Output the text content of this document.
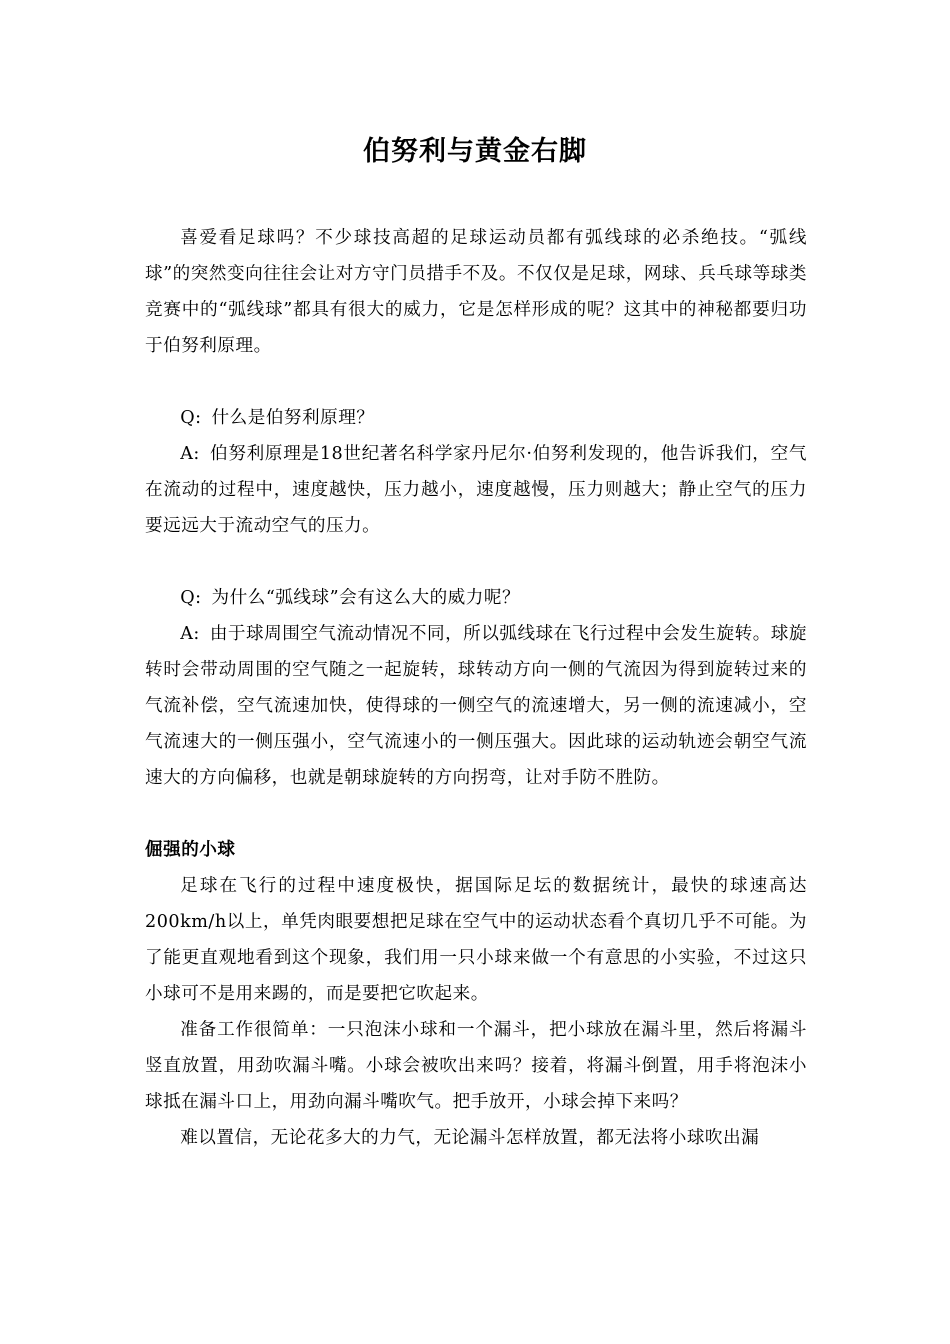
伯努利与黄金右脚

喜爱看足球吗？不少球技高超的足球运动员都有弧线球的必杀绝技。“弧线球”的突然变向往往会让对方守门员措手不及。不仅仅是足球，网球、兵乓球等球类竞赛中的“弧线球”都具有很大的威力，它是怎样形成的呢？这其中的神秘都要归功于伯努利原理。

Q: 什么是伯努利原理？

A: 伯努利原理是18世纪著名科学家丹尼尔·伯努利发现的，他告诉我们，空气在流动的过程中，速度越快，压力越小，速度越慢，压力则越大；静止空气的压力要远远大于流动空气的压力。

Q: 为什么“弧线球”会有这么大的威力呢？

A: 由于球周围空气流动情况不同，所以弧线球在飞行过程中会发生旋转。球旋转时会带动周围的空气随之一起旋转，球转动方向一侧的气流因为得到旋转过来的气流补偿，空气流速加快，使得球的一侧空气的流速增大，另一侧的流速减小，空气流速大的一侧压强小，空气流速小的一侧压强大。因此球的运动轨迹会朝空气流速大的方向偏移，也就是朝球旋转的方向拐弯，让对手防不胜防。

倔强的小球

足球在飞行的过程中速度极快，据国际足坛的数据统计，最快的球速高达200km/h以上，单凭肉眼要想把足球在空气中的运动状态看个真切几乎不可能。为了能更直观地看到这个现象，我们用一只小球来做一个有意思的小实验，不过这只小球可不是用来踢的，而是要把它吹起来。

准备工作很简单：一只泡沫小球和一个漏斗，把小球放在漏斗里，然后将漏斗竖直放置，用劲吹漏斗嘴。小球会被吹出来吗？接着，将漏斗倒置，用手将泡沫小球抵在漏斗口上，用劲向漏斗嘴吹气。把手放开，小球会掉下来吗？

难以置信，无论花多大的力气，无论漏斗怎样放置，都无法将小球吹出漏
